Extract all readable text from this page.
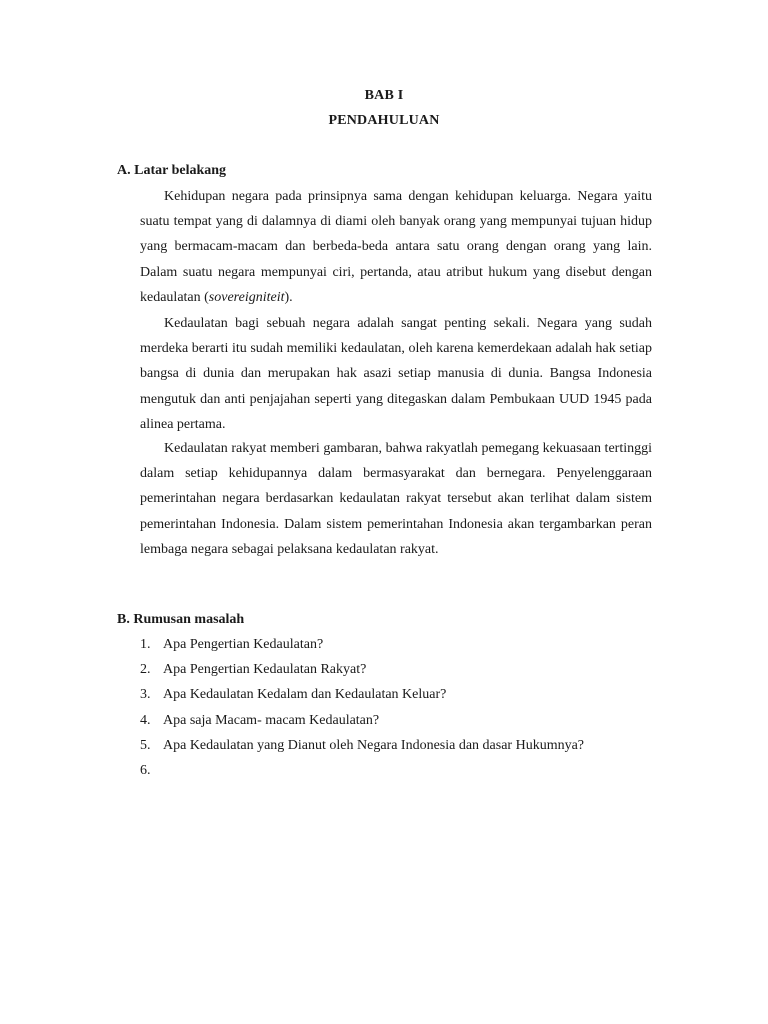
BAB I
PENDAHULUAN
A. Latar belakang

Kehidupan negara pada prinsipnya sama dengan kehidupan keluarga. Negara yaitu suatu tempat yang di dalamnya di diami oleh banyak orang yang mempunyai tujuan hidup yang bermacam-macam dan berbeda-beda antara satu orang dengan orang yang lain. Dalam suatu negara mempunyai ciri, pertanda, atau atribut hukum yang disebut dengan kedaulatan (sovereigniteit).

Kedaulatan bagi sebuah negara adalah sangat penting sekali. Negara yang sudah merdeka berarti itu sudah memiliki kedaulatan, oleh karena kemerdekaan adalah hak setiap bangsa di dunia dan merupakan hak asazi setiap manusia di dunia. Bangsa Indonesia mengutuk dan anti penjajahan seperti yang ditegaskan dalam Pembukaan UUD 1945 pada alinea pertama.

Kedaulatan rakyat memberi gambaran, bahwa rakyatlah pemegang kekuasaan tertinggi dalam setiap kehidupannya dalam bermasyarakat dan bernegara. Penyelenggaraan pemerintahan negara berdasarkan kedaulatan rakyat tersebut akan terlihat dalam sistem pemerintahan Indonesia. Dalam sistem pemerintahan Indonesia akan tergambarkan peran lembaga negara sebagai pelaksana kedaulatan rakyat.

B. Rumusan masalah
1. Apa Pengertian Kedaulatan?
2. Apa Pengertian Kedaulatan Rakyat?
3. Apa Kedaulatan Kedalam dan Kedaulatan Keluar?
4. Apa saja Macam- macam Kedaulatan?
5. Apa Kedaulatan yang Dianut oleh Negara Indonesia dan dasar Hukumnya?
6.
